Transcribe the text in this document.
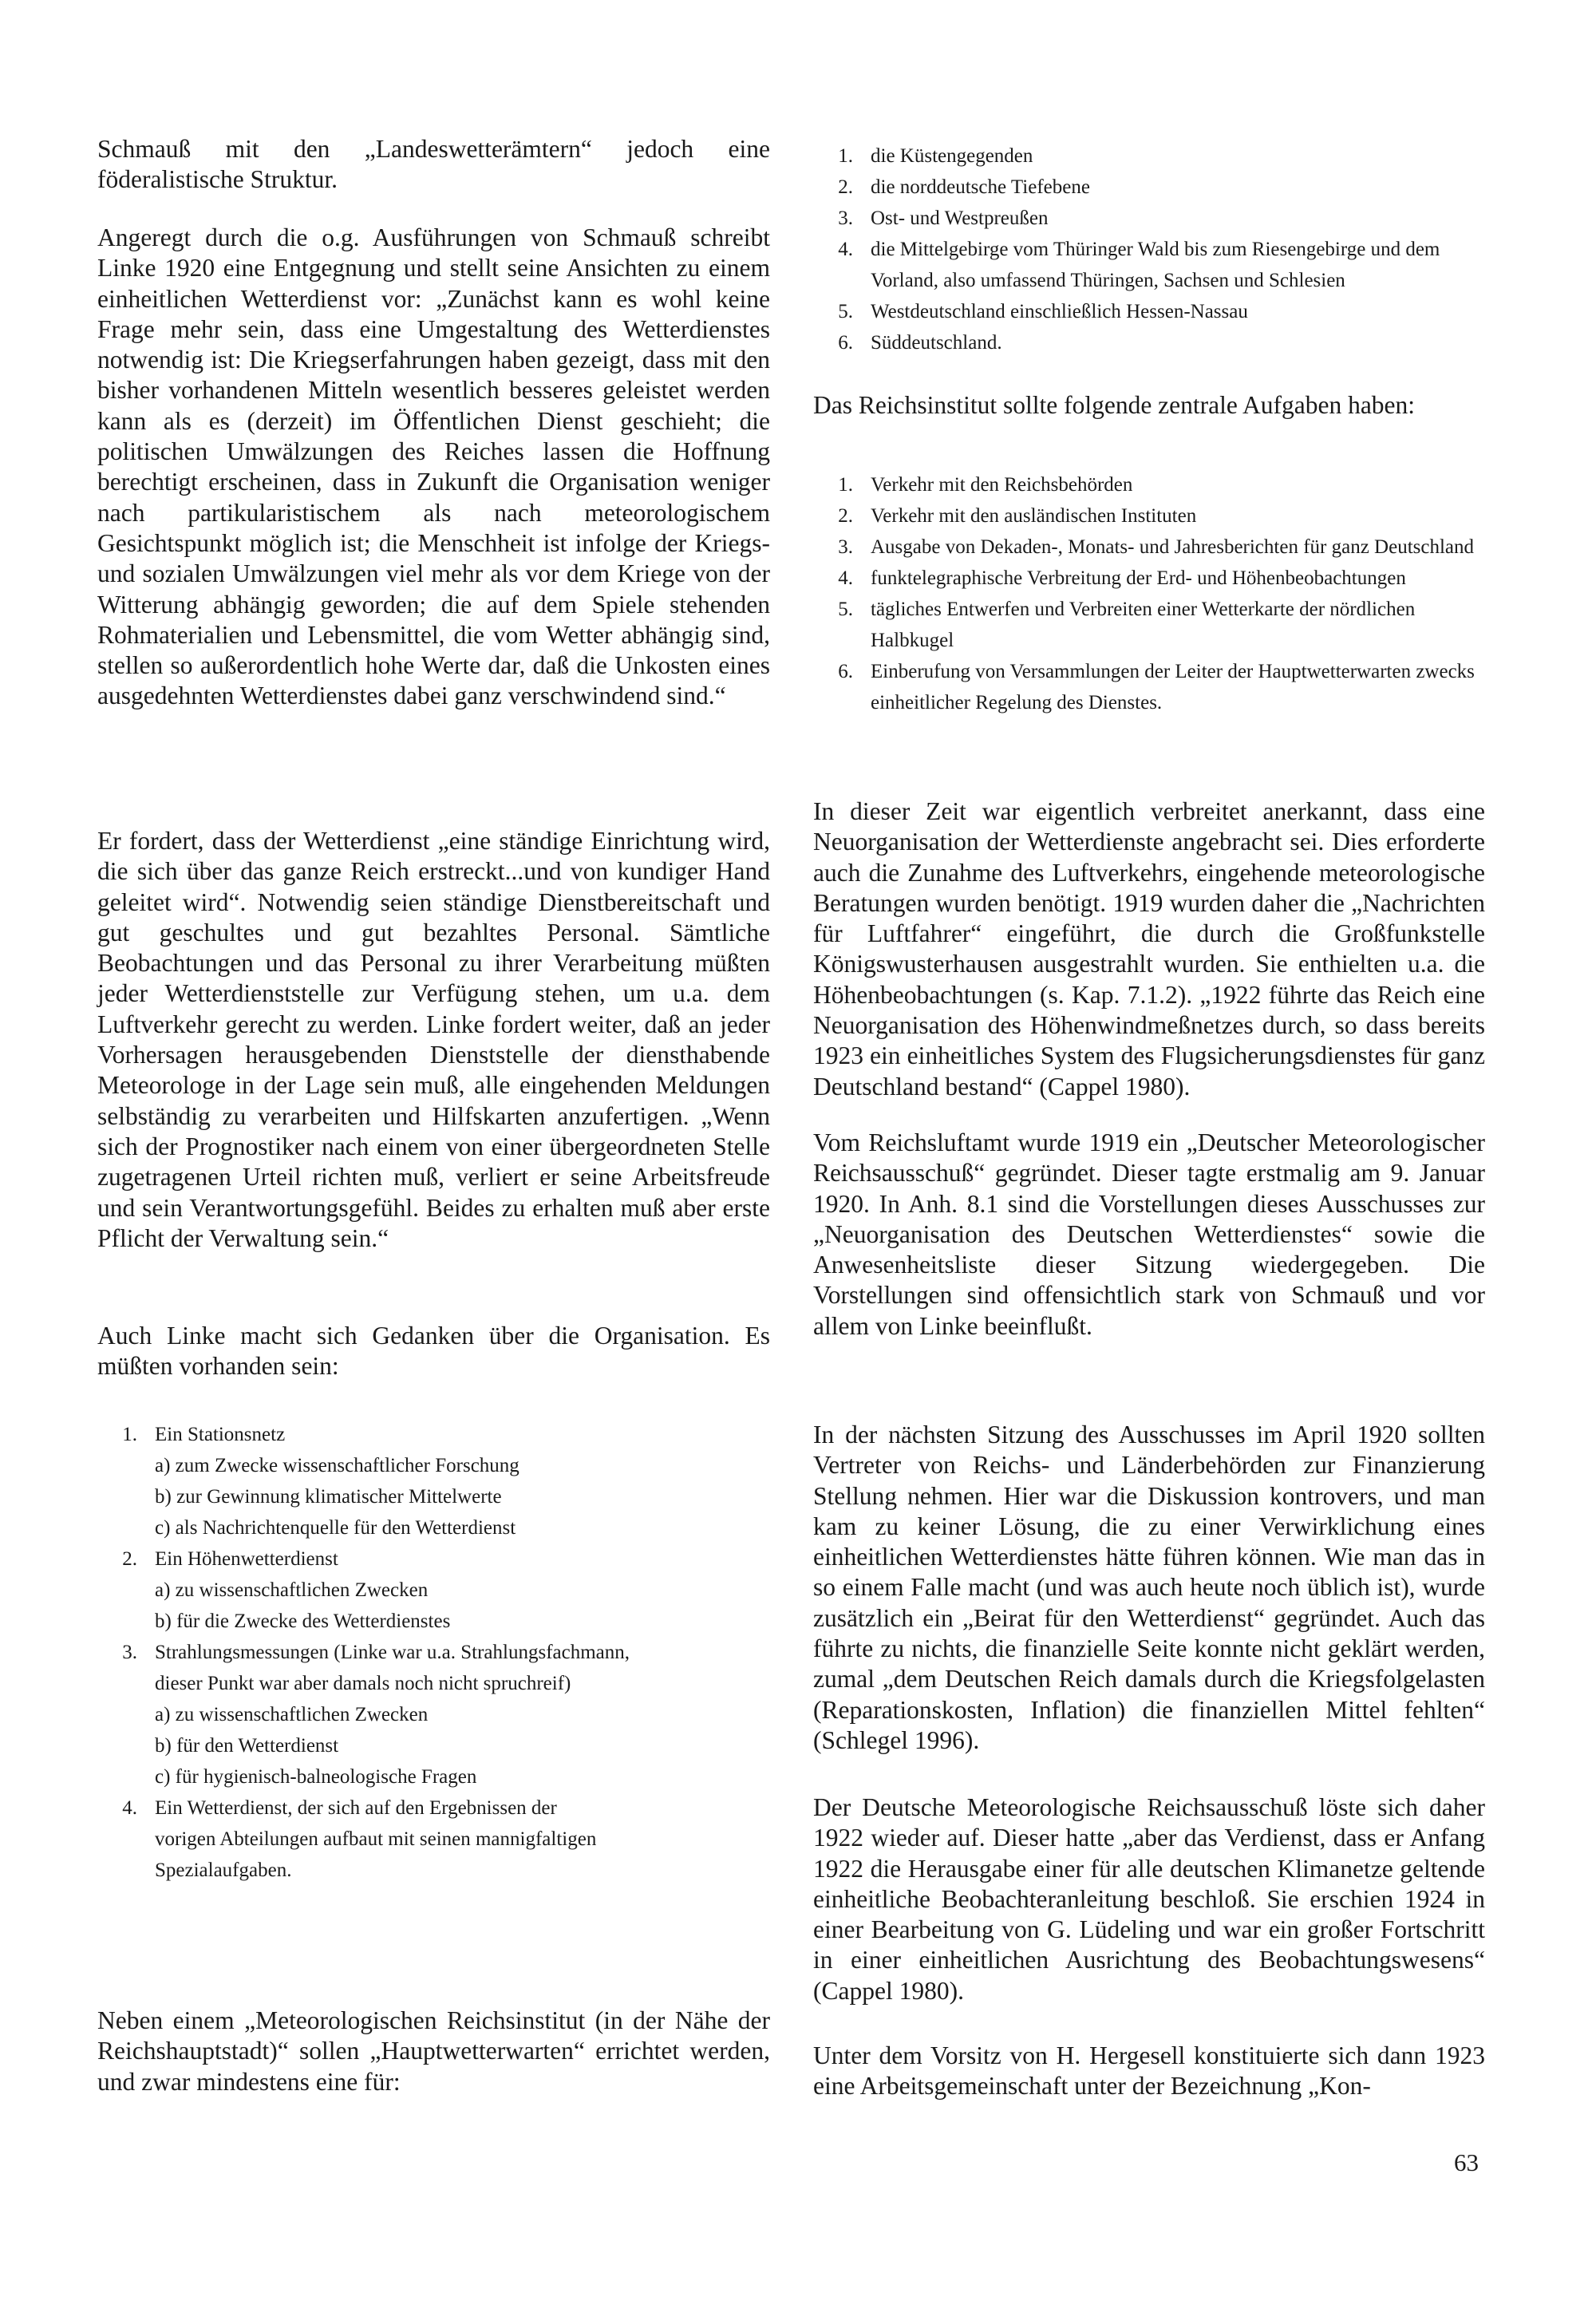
Schmauß mit den „Landeswetterämtern“ jedoch eine föderalistische Struktur.

Angeregt durch die o.g. Ausführungen von Schmauß schreibt Linke 1920 eine Entgegnung und stellt seine Ansichten zu einem einheitlichen Wetterdienst vor: „Zunächst kann es wohl keine Frage mehr sein, dass eine Umgestaltung des Wetterdienstes notwendig ist: Die Kriegserfahrungen haben gezeigt, dass mit den bisher vorhandenen Mitteln wesentlich besseres geleistet werden kann als es (derzeit) im Öffentlichen Dienst geschieht; die politischen Umwälzungen des Reiches lassen die Hoffnung berechtigt erscheinen, dass in Zukunft die Organisation weniger nach partikularistischem als nach meteorologischem Gesichtspunkt möglich ist; die Menschheit ist infolge der Kriegs- und sozialen Umwälzungen viel mehr als vor dem Kriege von der Witterung abhängig geworden; die auf dem Spiele stehenden Rohmaterialien und Lebensmittel, die vom Wetter abhängig sind, stellen so außerordentlich hohe Werte dar, daß die Unkosten eines ausgedehnten Wetterdienstes dabei ganz verschwindend sind.“

Er fordert, dass der Wetterdienst „eine ständige Einrichtung wird, die sich über das ganze Reich erstreckt...und von kundiger Hand geleitet wird“. Notwendig seien ständige Dienstbereitschaft und gut geschultes und gut bezahltes Personal. Sämtliche Beobachtungen und das Personal zu ihrer Verarbeitung müßten jeder Wetterdienststelle zur Verfügung stehen, um u.a. dem Luftverkehr gerecht zu werden. Linke fordert weiter, daß an jeder Vorhersagen herausgebenden Dienststelle der diensthabende Meteorologe in der Lage sein muß, alle eingehenden Meldungen selbständig zu verarbeiten und Hilfskarten anzufertigen. „Wenn sich der Prognostiker nach einem von einer übergeordneten Stelle zugetragenen Urteil richten muß, verliert er seine Arbeitsfreude und sein Verantwortungsgefühl. Beides zu erhalten muß aber erste Pflicht der Verwaltung sein.“

Auch Linke macht sich Gedanken über die Organisation. Es müßten vorhanden sein:

1. Ein Stationsnetz
a) zum Zwecke wissenschaftlicher Forschung
b) zur Gewinnung klimatischer Mittelwerte
c) als Nachrichtenquelle für den Wetterdienst
2. Ein Höhenwetterdienst
a) zu wissenschaftlichen Zwecken
b) für die Zwecke des Wetterdienstes
3. Strahlungsmessungen (Linke war u.a. Strahlungsfachmann,
dieser Punkt war aber damals noch nicht spruchreif)
a) zu wissenschaftlichen Zwecken
b) für den Wetterdienst
c) für hygienisch-balneologische Fragen
4. Ein Wetterdienst, der sich auf den Ergebnissen der
vorigen Abteilungen aufbaut mit seinen mannigfaltigen
Spezialaufgaben.

Neben einem „Meteorologischen Reichsinstitut (in der Nähe der Reichshauptstadt)“ sollen „Hauptwetterwarten“ errichtet werden, und zwar mindestens eine für:

1. die Küstengegenden
2. die norddeutsche Tiefebene
3. Ost- und Westpreußen
4. die Mittelgebirge vom Thüringer Wald bis zum Riesengebirge und dem Vorland, also umfassend Thüringen, Sachsen und Schlesien
5. Westdeutschland einschließlich Hessen-Nassau
6. Süddeutschland.

Das Reichsinstitut sollte folgende zentrale Aufgaben haben:

1. Verkehr mit den Reichsbehörden
2. Verkehr mit den ausländischen Instituten
3. Ausgabe von Dekaden-, Monats- und Jahresberichten für ganz Deutschland
4. funktelegraphische Verbreitung der Erd- und Höhenbeobachtungen
5. tägliches Entwerfen und Verbreiten einer Wetterkarte der nördlichen Halbkugel
6. Einberufung von Versammlungen der Leiter der Hauptwetterwarten zwecks einheitlicher Regelung des Dienstes.

In dieser Zeit war eigentlich verbreitet anerkannt, dass eine Neuorganisation der Wetterdienste angebracht sei. Dies erforderte auch die Zunahme des Luftverkehrs, eingehende meteorologische Beratungen wurden benötigt. 1919 wurden daher die „Nachrichten für Luftfahrer“ eingeführt, die durch die Großfunkstelle Königswusterhausen ausgestrahlt wurden. Sie enthielten u.a. die Höhenbeobachtungen (s. Kap. 7.1.2). „1922 führte das Reich eine Neuorganisation des Höhenwindmeßnetzes durch, so dass bereits 1923 ein einheitliches System des Flugsicherungsdienstes für ganz Deutschland bestand“ (Cappel 1980).

Vom Reichsluftamt wurde 1919 ein „Deutscher Meteorologischer Reichsausschuß“ gegründet. Dieser tagte erstmalig am 9. Januar 1920. In Anh. 8.1 sind die Vorstellungen dieses Ausschusses zur „Neuorganisation des Deutschen Wetterdienstes“ sowie die Anwesenheitsliste dieser Sitzung wiedergegeben. Die Vorstellungen sind offensichtlich stark von Schmauß und vor allem von Linke beeinflußt.

In der nächsten Sitzung des Ausschusses im April 1920 sollten Vertreter von Reichs- und Länderbehörden zur Finanzierung Stellung nehmen. Hier war die Diskussion kontrovers, und man kam zu keiner Lösung, die zu einer Verwirklichung eines einheitlichen Wetterdienstes hätte führen können. Wie man das in so einem Falle macht (und was auch heute noch üblich ist), wurde zusätzlich ein „Beirat für den Wetterdienst“ gegründet. Auch das führte zu nichts, die finanzielle Seite konnte nicht geklärt werden, zumal „dem Deutschen Reich damals durch die Kriegsfolgelasten (Reparationskosten, Inflation) die finanziellen Mittel fehlten“ (Schlegel 1996).

Der Deutsche Meteorologische Reichsausschuß löste sich daher 1922 wieder auf. Dieser hatte „aber das Verdienst, dass er Anfang 1922 die Herausgabe einer für alle deutschen Klimanetze geltende einheitliche Beobachteranleitung beschloß. Sie erschien 1924 in einer Bearbeitung von G. Lüdeling und war ein großer Fortschritt in einer einheitlichen Ausrichtung des Beobachtungswesens“ (Cappel 1980).

Unter dem Vorsitz von H. Hergesell konstituierte sich dann 1923 eine Arbeitsgemeinschaft unter der Bezeichnung „Kon-

63
